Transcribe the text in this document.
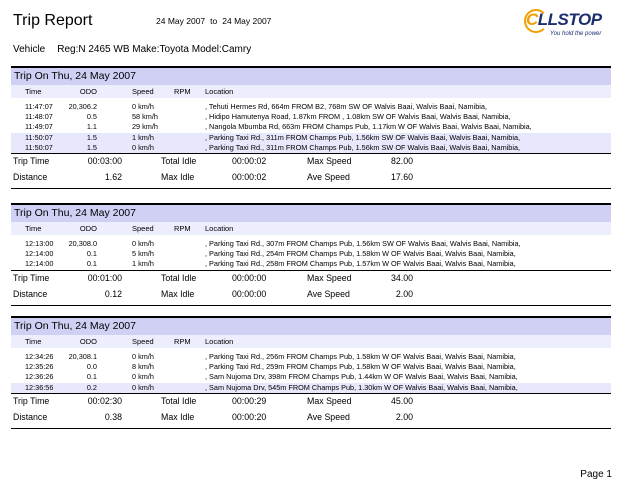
Trip Report	24 May 2007 to 24 May 2007	CLLSTOP
You hold the power
Vehicle Reg:N 2465 WB Make:Toyota Model:Camry
Trip On Thu, 24 May 2007
Time	ODO	Speed	RPM Location
11:47:07 20,306.2	0 km/h	, Tehuti Hermes Rd, 664m FROM B2, 768m SW OF Walvis Baai, Walvis Baai, Namibia,
11:48:07	0.5	58 km/h	, Hidipo Hamutenya Road, 1.87km FROM , 1.08km SW OF Walvis Baai, Walvis Baai, Namibia,
11:49:07	1.1	29 km/h	, Nangola Mbumba Rd, 663m FROM Champs Pub, 1.17km W OF Walvis Baai, Walvis Baai, Namibia,
11:50:07	1.5	1 km/h	, Parking Taxi Rd., 311m FROM Champs Pub, 1.56km SW OF Walvis Baai, Walvis Baai, Namibia,
11:50:07	1.5	0 km/h	, Parking Taxi Rd., 311m FROM Champs Pub, 1.56km SW OF Walvis Baai, Walvis Baai, Namibia,
Trip Time	00:03:00	Total Idle	00:00:02	Max Speed	82.00
Distance	1.62	Max Idle	00:00:02	Ave Speed	17.60
Trip On Thu, 24 May 2007
Time	ODO	Speed	RPM Location
12:13:00 20,308.0	0 km/h	, Parking Taxi Rd., 307m FROM Champs Pub, 1.56km SW OF Walvis Baai, Walvis Baai, Namibia,
12:14:00	0.1	5 km/h	, Parking Taxi Rd., 254m FROM Champs Pub, 1.58km W OF Walvis Baai, Walvis Baai, Namibia,
12:14:00	0.1	1 km/h	, Parking Taxi Rd., 258m FROM Champs Pub, 1.57km W OF Walvis Baai, Walvis Baai, Namibia,
Trip Time	00:01:00	Total Idle	00:00:00	Max Speed	34.00
Distance	0.12	Max Idle	00:00:00	Ave Speed	2.00
Trip On Thu, 24 May 2007
Time	ODO	Speed	RPM Location
12:34:26 20,308.1	0 km/h	, Parking Taxi Rd., 256m FROM Champs Pub, 1.58km W OF Walvis Baai, Walvis Baai, Namibia,
12:35:26	0.0	8 km/h	, Parking Taxi Rd., 259m FROM Champs Pub, 1.58km W OF Walvis Baai, Walvis Baai, Namibia,
12:36:26	0.1	0 km/h	, Sam Nujoma Drv, 398m FROM Champs Pub, 1.44km W OF Walvis Baai, Walvis Baai, Namibia,
12:36:56	0.2	0 km/h	, Sam Nujoma Drv, 545m FROM Champs Pub, 1.30km W OF Walvis Baai, Walvis Baai, Namibia,
Trip Time	00:02:30	Total Idle	00:00:29	Max Speed	45.00
Distance	0.38	Max Idle	00:00:20	Ave Speed	2.00
Page 1
